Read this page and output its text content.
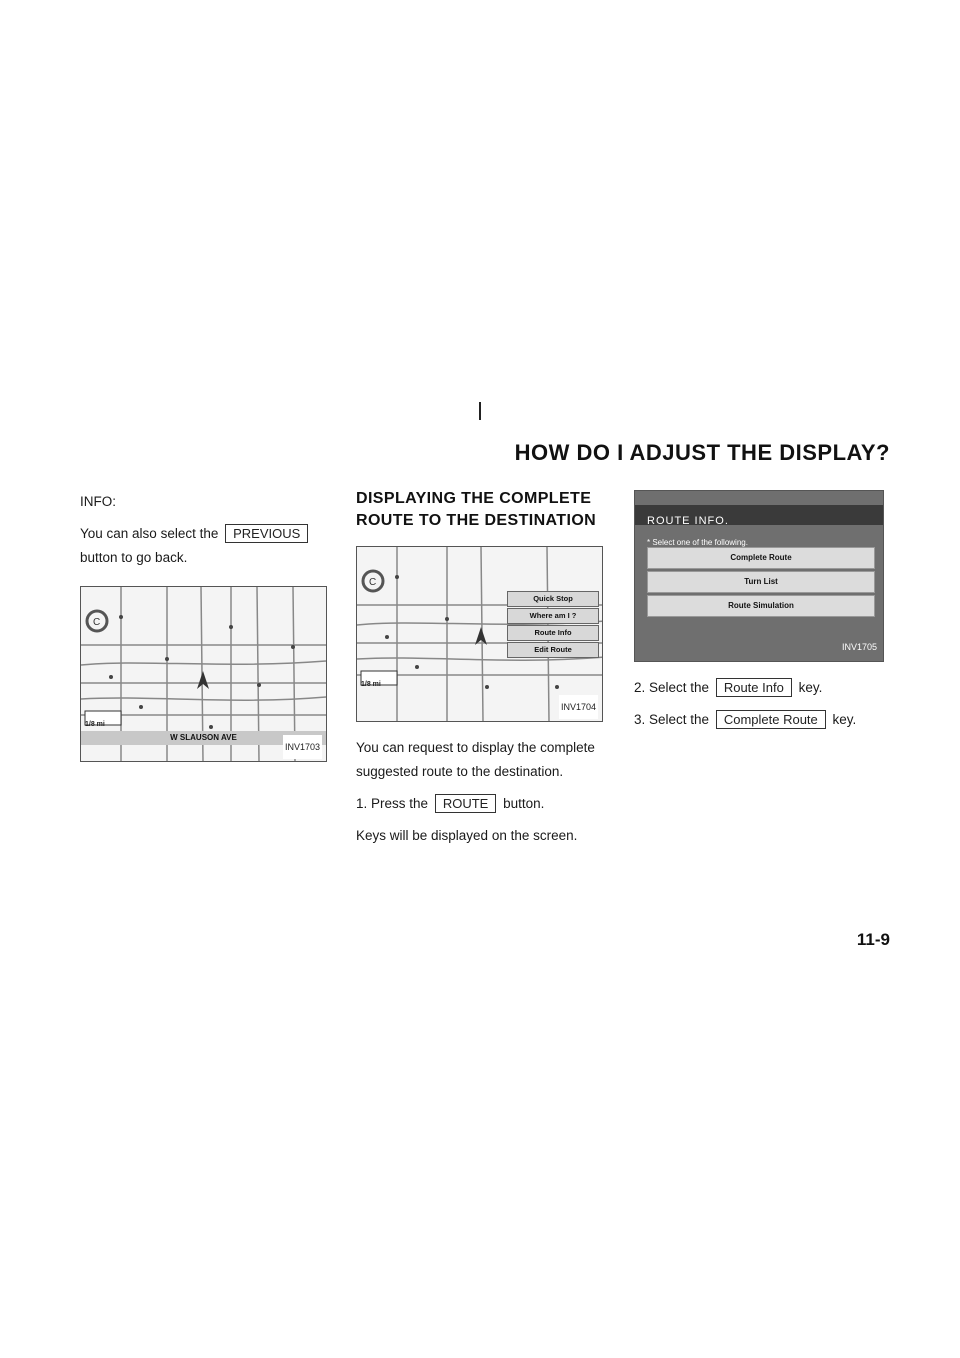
HOW DO I ADJUST THE DISPLAY?

INFO:

You can also select the PREVIOUS button to go back.

C
1/8 mi
W SLAUSON AVE
INV1703
DISPLAYING THE COMPLETE ROUTE TO THE DESTINATION
C
1/8 mi
Quick Stop
Where am I ?
Route Info
Edit Route
INV1704

You can request to display the complete suggested route to the destination.

1. Press the ROUTE button.

Keys will be displayed on the screen.

ROUTE INFO.
* Select one of the following.
Complete Route
Turn List
Route Simulation
INV1705

2. Select the Route Info key.

3. Select the Complete Route key.

11-9
